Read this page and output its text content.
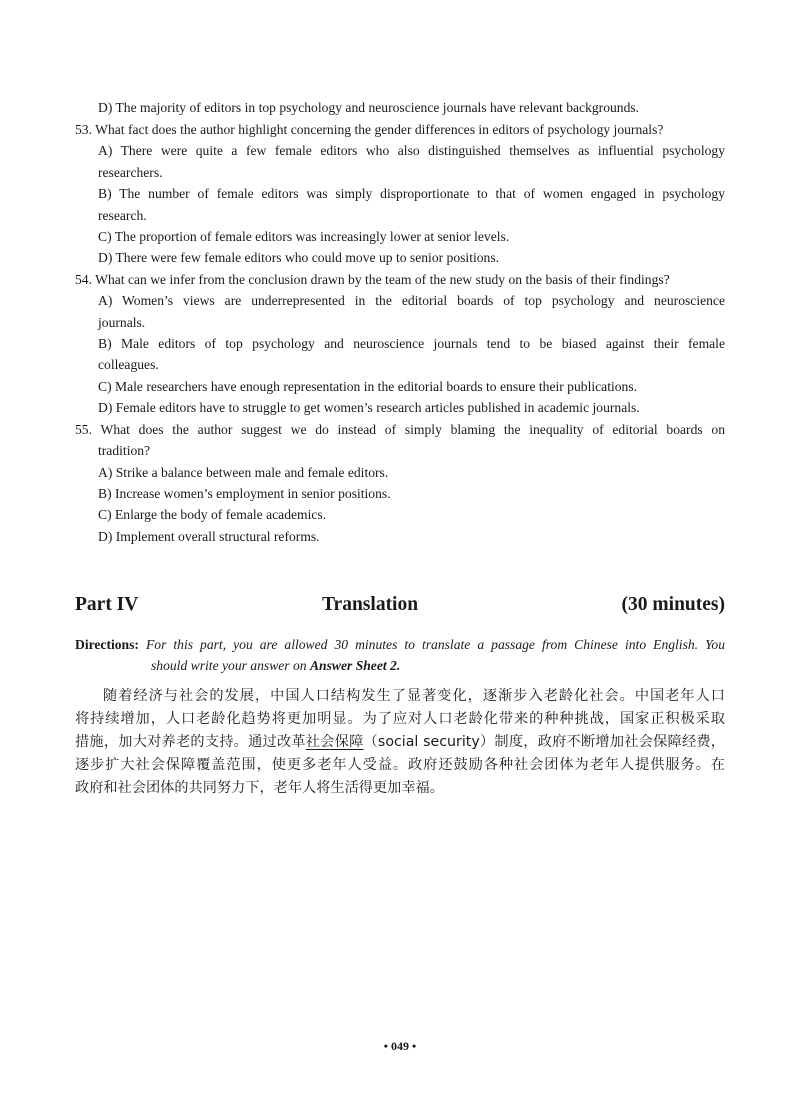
D) The majority of editors in top psychology and neuroscience journals have relevant backgrounds.
53. What fact does the author highlight concerning the gender differences in editors of psychology journals?
A) There were quite a few female editors who also distinguished themselves as influential psychology
researchers.
B) The number of female editors was simply disproportionate to that of women engaged in psychology
research.
C) The proportion of female editors was increasingly lower at senior levels.
D) There were few female editors who could move up to senior positions.
54. What can we infer from the conclusion drawn by the team of the new study on the basis of their findings?
A) Women’s views are underrepresented in the editorial boards of top psychology and neuroscience
journals.
B) Male editors of top psychology and neuroscience journals tend to be biased against their female
colleagues.
C) Male researchers have enough representation in the editorial boards to ensure their publications.
D) Female editors have to struggle to get women’s research articles published in academic journals.
55. What does the author suggest we do instead of simply blaming the inequality of editorial boards on
tradition?
A) Strike a balance between male and female editors.
B) Increase women’s employment in senior positions.
C) Enlarge the body of female academics.
D) Implement overall structural reforms.
Part IV	Translation	(30 minutes)
Directions: For this part, you are allowed 30 minutes to translate a passage from Chinese into English. You
should write your answer on Answer Sheet 2.
随着经济与社会的发展，中国人口结构发生了显著变化，逐渐步入老龄化社会。中国老年人口
将持续增加，人口老龄化趋势将更加明显。为了应对人口老龄化带来的种种挑战，国家正积极采取
措施，加大对养老的支持。通过改革社会保障（social security）制度，政府不断增加社会保障经费，
逐步扩大社会保障覆盖范围，使更多老年人受益。政府还鼓励各种社会团体为老年人提供服务。在
政府和社会团体的共同努力下，老年人将生活得更加幸福。
• 049 •
